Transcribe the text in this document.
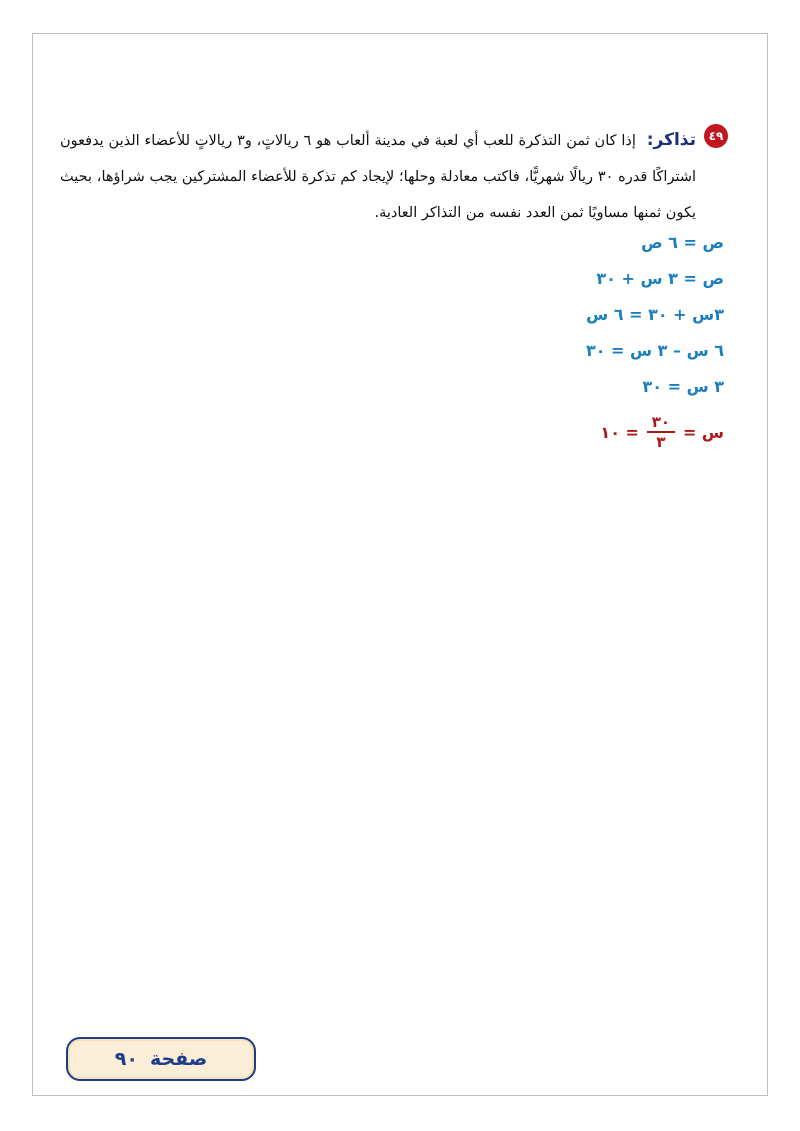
٤٩
تذاكر: إذا كان ثمن التذكرة للعب أي لعبة في مدينة ألعاب هو ٦ ريالاتٍ، و٣ ريالاتٍ للأعضاء الذين يدفعون اشتراكًا قدره ٣٠ ريالًا شهريًّا، فاكتب معادلة وحلها؛ لإيجاد كم تذكرة للأعضاء المشتركين يجب شراؤها، بحيث يكون ثمنها مساويًا ثمن العدد نفسه من التذاكر العادية.
ص = ٦ ص
ص = ٣ س + ٣٠
٣س + ٣٠ = ٦ س
٦ س – ٣ س = ٣٠
٣ س = ٣٠
س =
$\frac{٣٠}{٣}$
= ١٠
صفحة
٩٠
